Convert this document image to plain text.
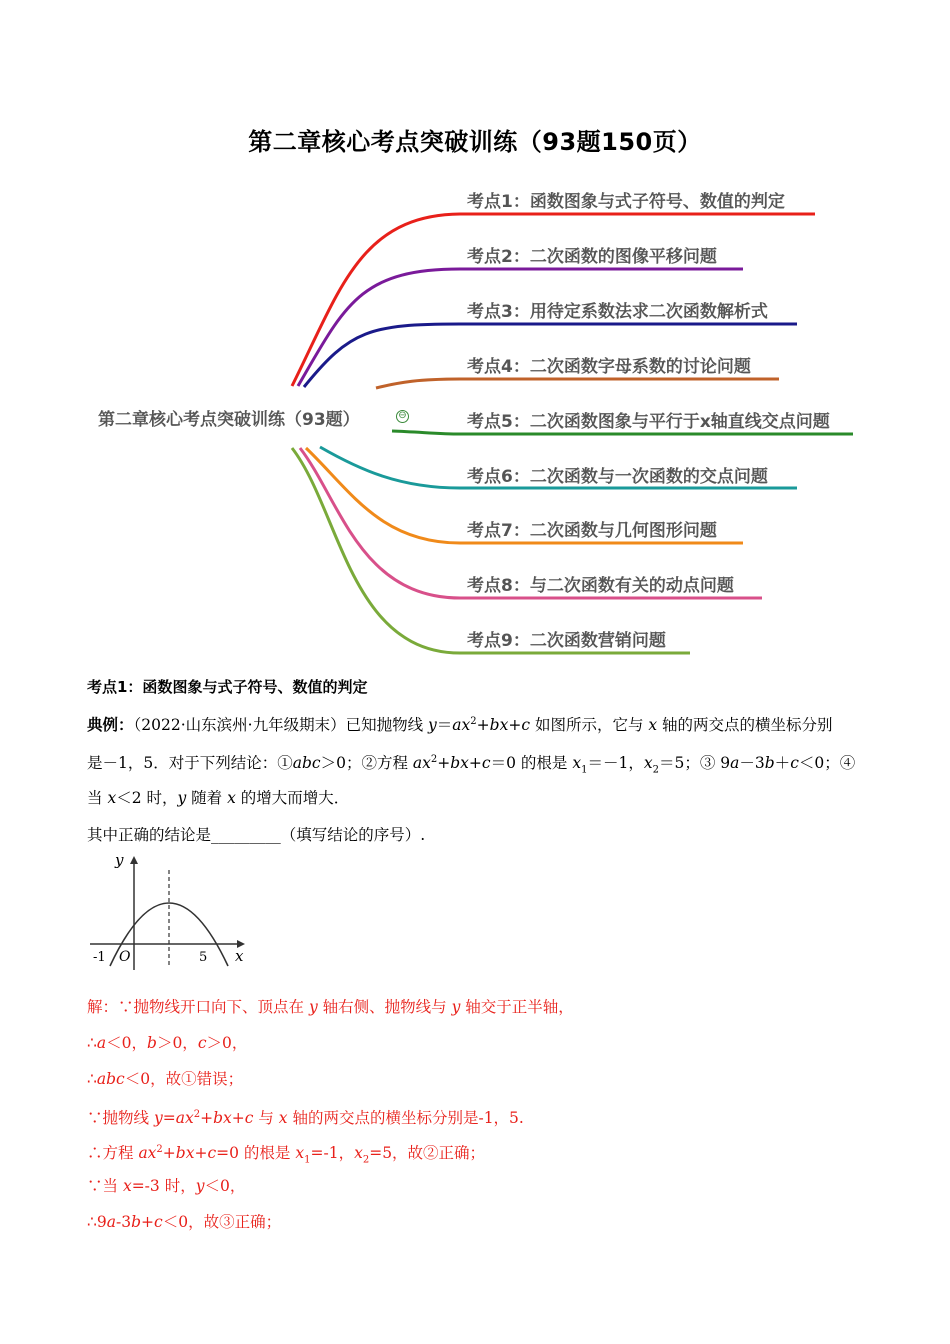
第二章核心考点突破训练（93题150页）
第二章核心考点突破训练（93题）	⊖
考点1：函数图象与式子符号、数值的判定
考点2：二次函数的图像平移问题
考点3：用待定系数法求二次函数解析式
考点4：二次函数字母系数的讨论问题
考点5：二次函数图象与平行于x轴直线交点问题
考点6：二次函数与一次函数的交点问题
考点7：二次函数与几何图形问题
考点8：与二次函数有关的动点问题
考点9：二次函数营销问题
考点1：函数图象与式子符号、数值的判定
典例：（2022·山东滨州·九年级期末）已知抛物线 $y=ax^2+bx+c$ 如图所示，它与 x 轴的两交点的横坐标分别
是－1，5．对于下列结论：①abc＞0；②方程 $ax^2+bx+c=0$ 的根是 $x_1=-1$，$x_2=5$；③ 9a－3b＋c＜0；④
当 x＜2 时，y 随着 x 的增大而增大．
其中正确的结论是_________（填写结论的序号）.
y
x
O
-1	5
解：∵抛物线开口向下、顶点在 y 轴右侧、抛物线与 y 轴交于正半轴，
∴a＜0，b＞0，c＞0，
∴abc＜0，故①错误；
∵抛物线 $y=ax^2+bx+c$ 与 x 轴的两交点的横坐标分别是-1，5.
∴方程 $ax^2+bx+c=0$ 的根是 $x_1=-1$，$x_2=5$，故②正确；
∵当 x=-3 时，y＜0，
∴9a-3b+c＜0，故③正确；
